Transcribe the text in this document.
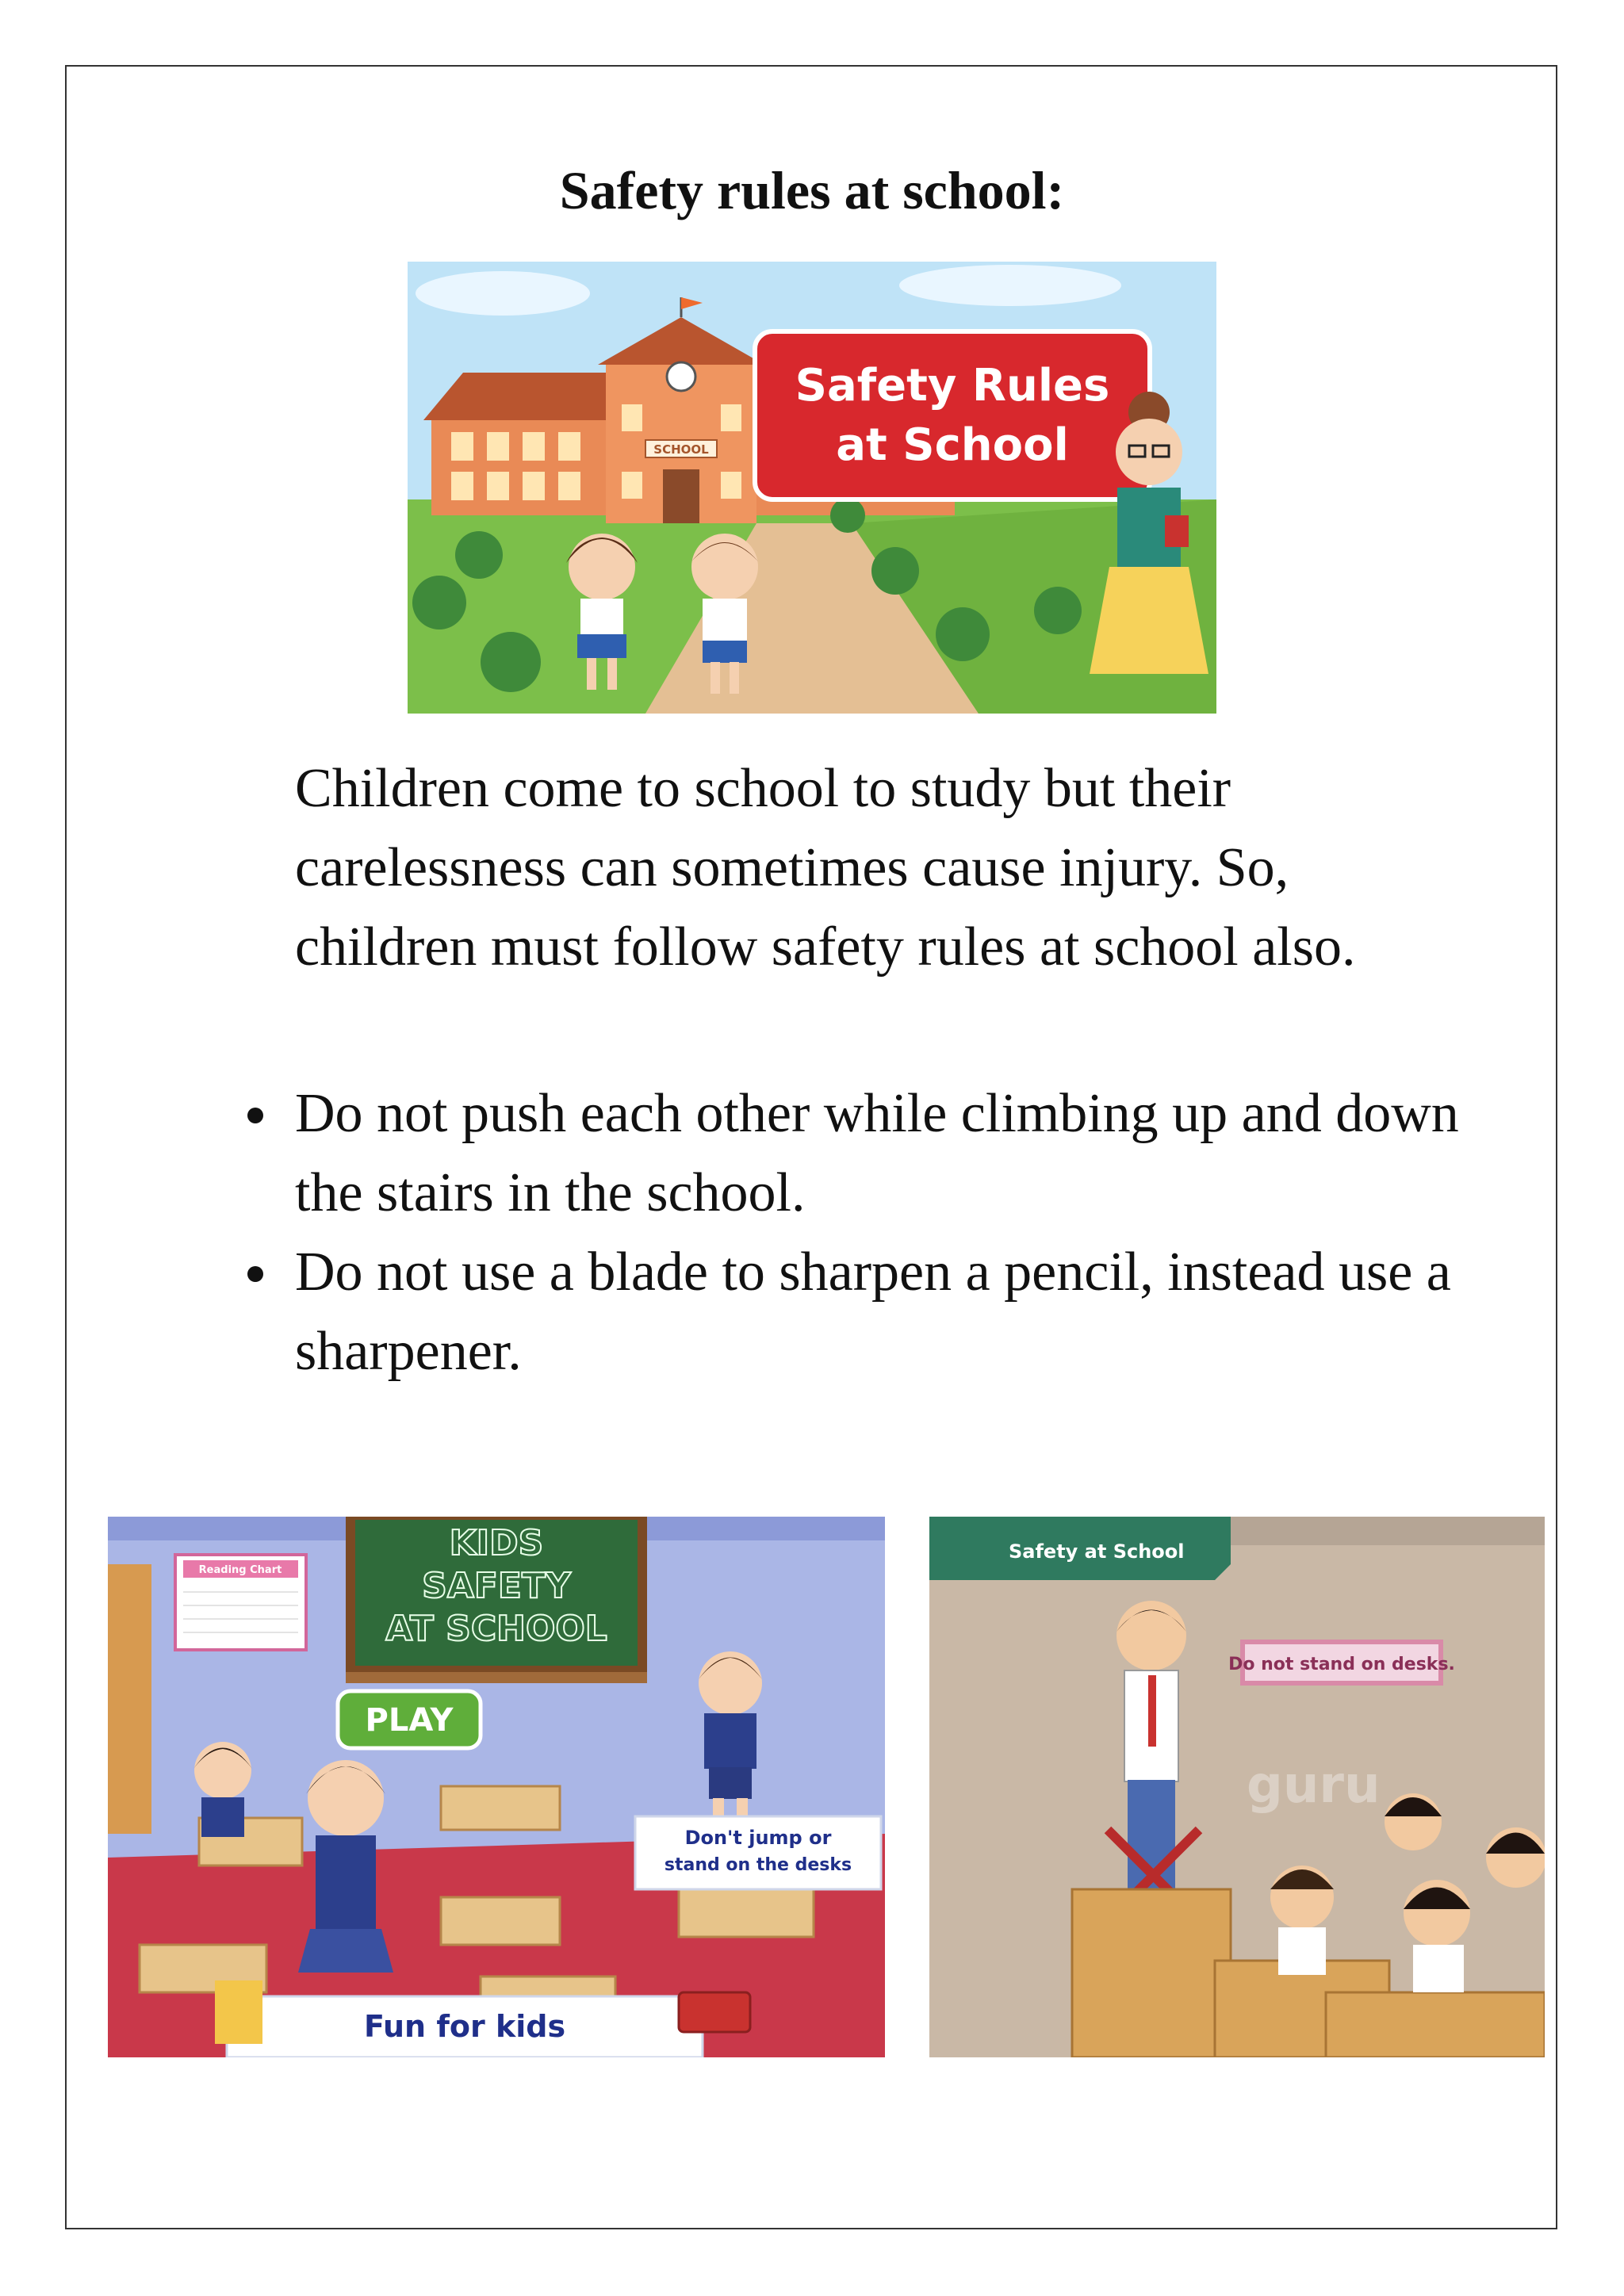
Safety rules at school:
SCHOOL
Safety Rules
at School
Children come to school to study but their carelessness can sometimes cause injury. So, children must follow safety rules at school also.
Do not push each other while climbing up and down the stairs in the school.
Do not use a blade to sharpen a pencil, instead use a sharpener.
Reading Chart
KIDS
SAFETY
AT SCHOOL
PLAY
Don't jump or
stand on the desks
Fun for kids
Safety at School
Do not stand on desks.
guru
